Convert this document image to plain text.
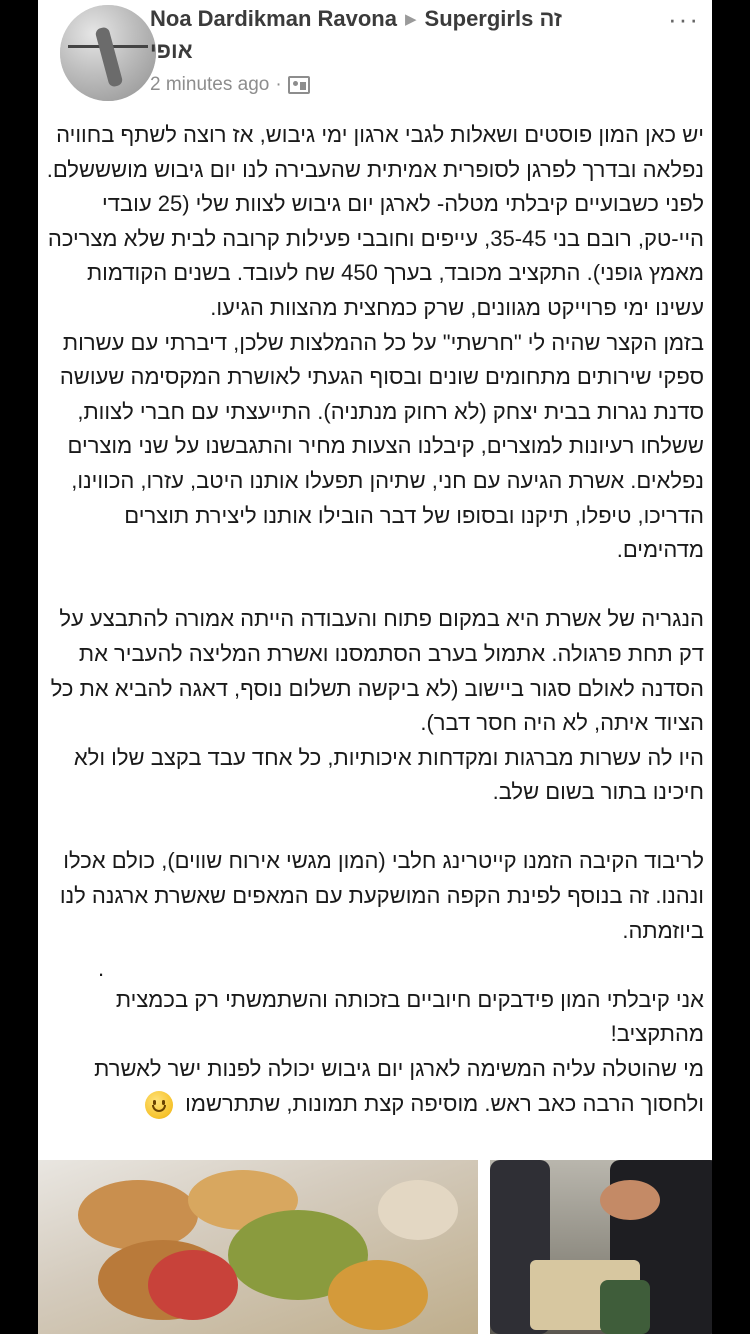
Noa Dardikman Ravona ▶ Supergirls זה
אופי
···
2 minutes ago ·

יש כאן המון פוסטים ושאלות לגבי ארגון ימי גיבוש, אז רוצה לשתף בחוויה נפלאה ובדרך לפרגן לסופרית אמיתית שהעבירה לנו יום גיבוש מושששלם. לפני כשבועיים קיבלתי מטלה- לארגן יום גיבוש לצוות שלי (25 עובדי היי-טק, רובם בני 35-45, עייפים וחובבי פעילות קרובה לבית שלא מצריכה מאמץ גופני). התקציב מכובד, בערך 450 שח לעובד. בשנים הקודמות עשינו ימי פרוייקט מגוונים, שרק כמחצית מהצוות הגיעו.
בזמן הקצר שהיה לי "חרשתי" על כל ההמלצות שלכן, דיברתי עם עשרות ספקי שירותים מתחומים שונים ובסוף הגעתי לאושרת המקסימה שעושה סדנת נגרות בבית יצחק (לא רחוק מנתניה). התייעצתי עם חברי לצוות, ששלחו רעיונות למוצרים, קיבלנו הצעות מחיר והתגבשנו על שני מוצרים נפלאים. אשרת הגיעה עם חני, שתיהן תפעלו אותנו היטב, עזרו, הכווינו, הדריכו, טיפלו, תיקנו ובסופו של דבר הובילו אותנו ליצירת תוצרים מדהימים.

הנגריה של אשרת היא במקום פתוח והעבודה הייתה אמורה להתבצע על דק תחת פרגולה. אתמול בערב הסתמסנו ואשרת המליצה להעביר את הסדנה לאולם סגור ביישוב (לא ביקשה תשלום נוסף, דאגה להביא את כל הציוד איתה, לא היה חסר דבר).
היו לה עשרות מברגות ומקדחות איכותיות, כל אחד עבד בקצב שלו ולא חיכינו בתור בשום שלב.

לריבוד הקיבה הזמנו קייטרינג חלבי (המון מגשי אירוח שווים), כולם אכלו ונהנו. זה בנוסף לפינת הקפה המושקעת עם המאפים שאשרת ארגנה לנו ביוזמתה.

אני קיבלתי המון פידבקים חיוביים בזכותה והשתמשתי רק בכמצית מהתקציב!
מי שהוטלה עליה המשימה לארגן יום גיבוש יכולה לפנות ישר לאשרת ולחסוך הרבה כאב ראש. מוסיפה קצת תמונות, שתתרשמו

.
